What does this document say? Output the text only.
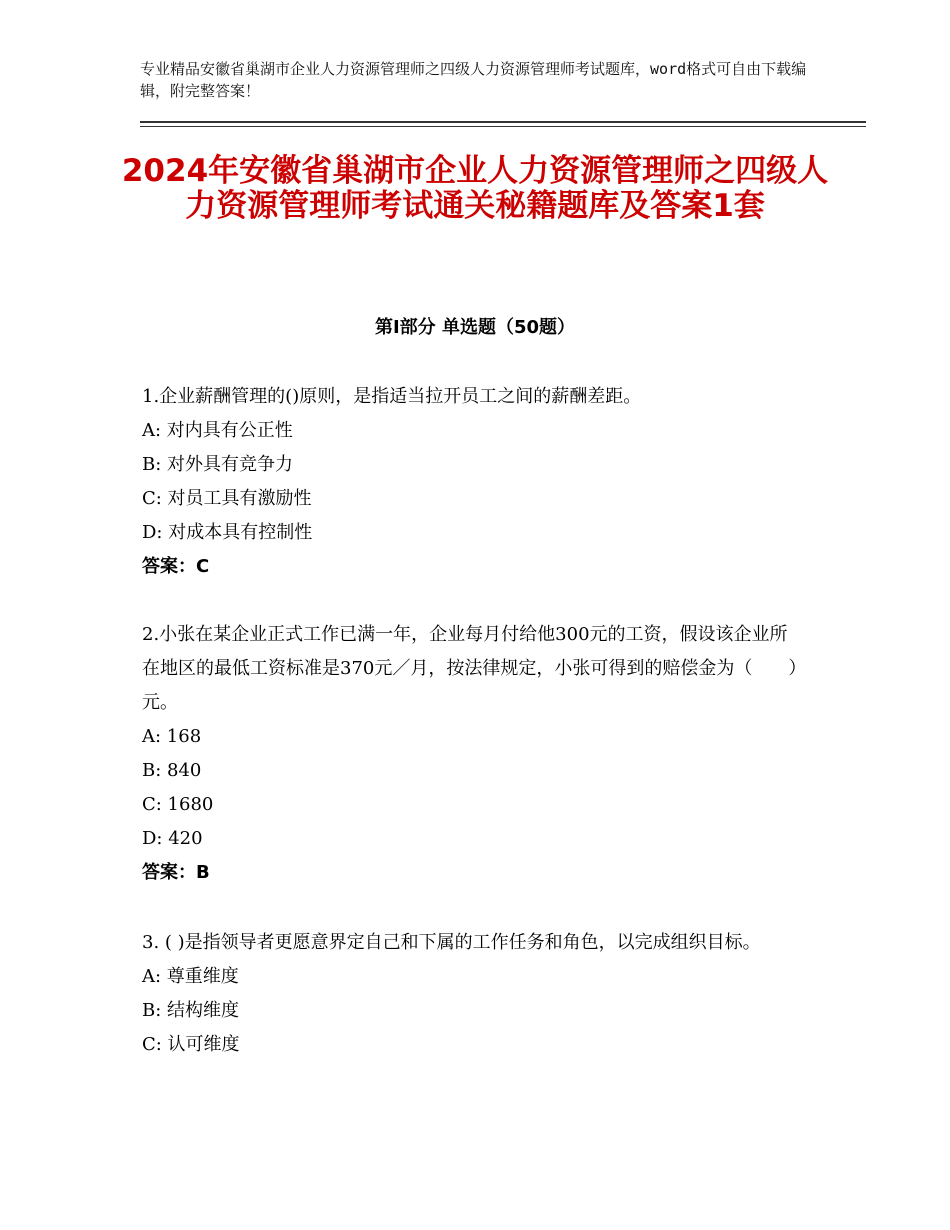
专业精品安徽省巢湖市企业人力资源管理师之四级人力资源管理师考试题库，word格式可自由下载编辑，附完整答案！

2024年安徽省巢湖市企业人力资源管理师之四级人力资源管理师考试通关秘籍题库及答案1套
第Ⅰ部分 单选题（50题）

1.企业薪酬管理的()原则，是指适当拉开员工之间的薪酬差距。

A: 对内具有公正性

B: 对外具有竞争力

C: 对员工具有激励性

D: 对成本具有控制性

答案：C

2.小张在某企业正式工作已满一年，企业每月付给他300元的工资，假设该企业所在地区的最低工资标准是370元／月，按法律规定，小张可得到的赔偿金为（　　）元。

A: 168

B: 840

C: 1680

D: 420

答案：B

3. ( )是指领导者更愿意界定自己和下属的工作任务和角色，以完成组织目标。

A: 尊重维度

B: 结构维度

C: 认可维度
